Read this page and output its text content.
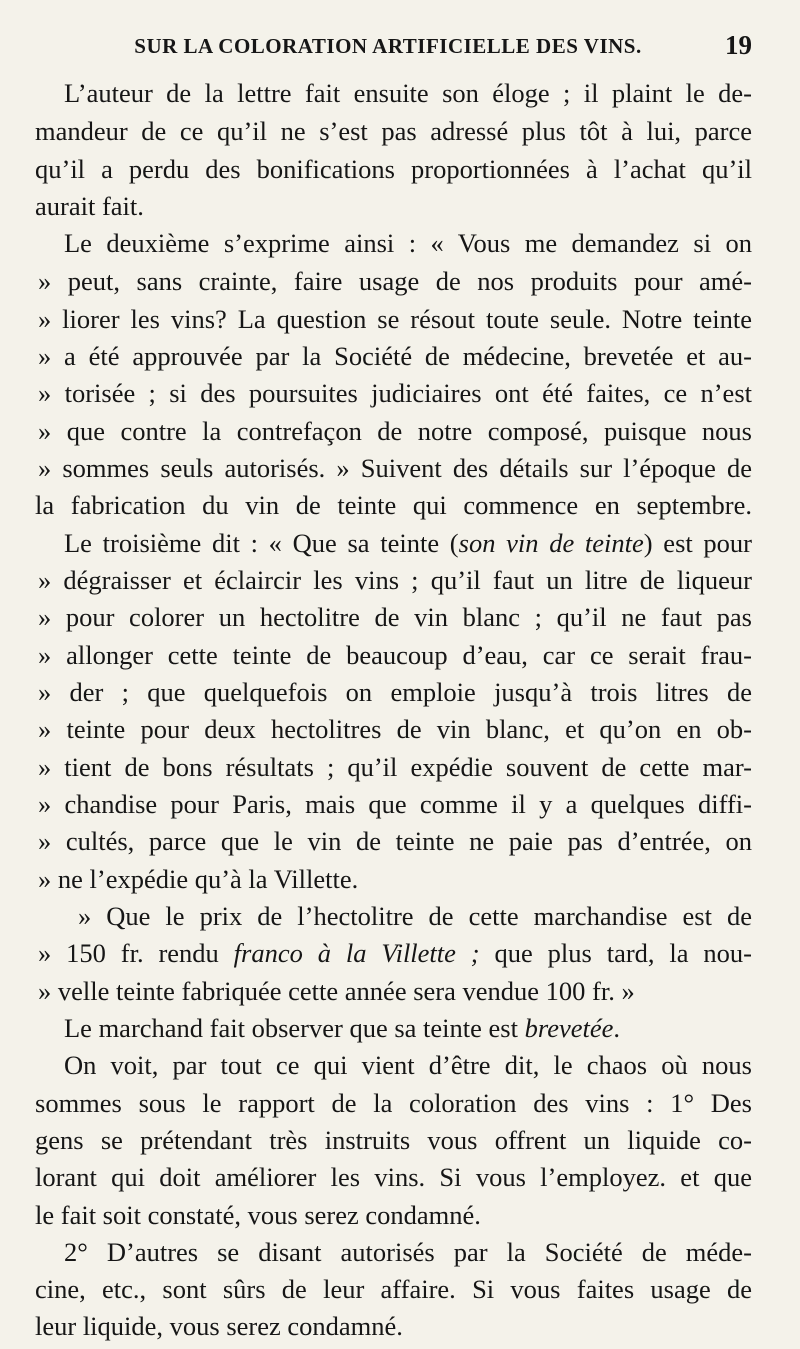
SUR LA COLORATION ARTIFICIELLE DES VINS.	19
L’auteur de la lettre fait ensuite son éloge ; il plaint le de-
mandeur de ce qu’il ne s’est pas adressé plus tôt à lui, parce
qu’il a perdu des bonifications proportionnées à l’achat qu’il
aurait fait.
Le deuxième s’exprime ainsi : « Vous me demandez si on
» peut, sans crainte, faire usage de nos produits pour amé-
» liorer les vins? La question se résout toute seule. Notre teinte
» a été approuvée par la Société de médecine, brevetée et au-
» torisée ; si des poursuites judiciaires ont été faites, ce n’est
» que contre la contrefaçon de notre composé, puisque nous
» sommes seuls autorisés. » Suivent des détails sur l’époque de
la fabrication du vin de teinte qui commence en septembre.
Le troisième dit : « Que sa teinte (son vin de teinte) est pour
» dégraisser et éclaircir les vins ; qu’il faut un litre de liqueur
» pour colorer un hectolitre de vin blanc ; qu’il ne faut pas
» allonger cette teinte de beaucoup d’eau, car ce serait frau-
» der ; que quelquefois on emploie jusqu’à trois litres de
» teinte pour deux hectolitres de vin blanc, et qu’on en ob-
» tient de bons résultats ; qu’il expédie souvent de cette mar-
» chandise pour Paris, mais que comme il y a quelques diffi-
» cultés, parce que le vin de teinte ne paie pas d’entrée, on
» ne l’expédie qu’à la Villette.
» Que le prix de l’hectolitre de cette marchandise est de
» 150 fr. rendu franco à la Villette ; que plus tard, la nou-
» velle teinte fabriquée cette année sera vendue 100 fr. »
Le marchand fait observer que sa teinte est brevetée.
On voit, par tout ce qui vient d’être dit, le chaos où nous
sommes sous le rapport de la coloration des vins : 1° Des
gens se prétendant très instruits vous offrent un liquide co-
lorant qui doit améliorer les vins. Si vous l’employez. et que
le fait soit constaté, vous serez condamné.
2° D’autres se disant autorisés par la Société de méde-
cine, etc., sont sûrs de leur affaire. Si vous faites usage de
leur liquide, vous serez condamné.
